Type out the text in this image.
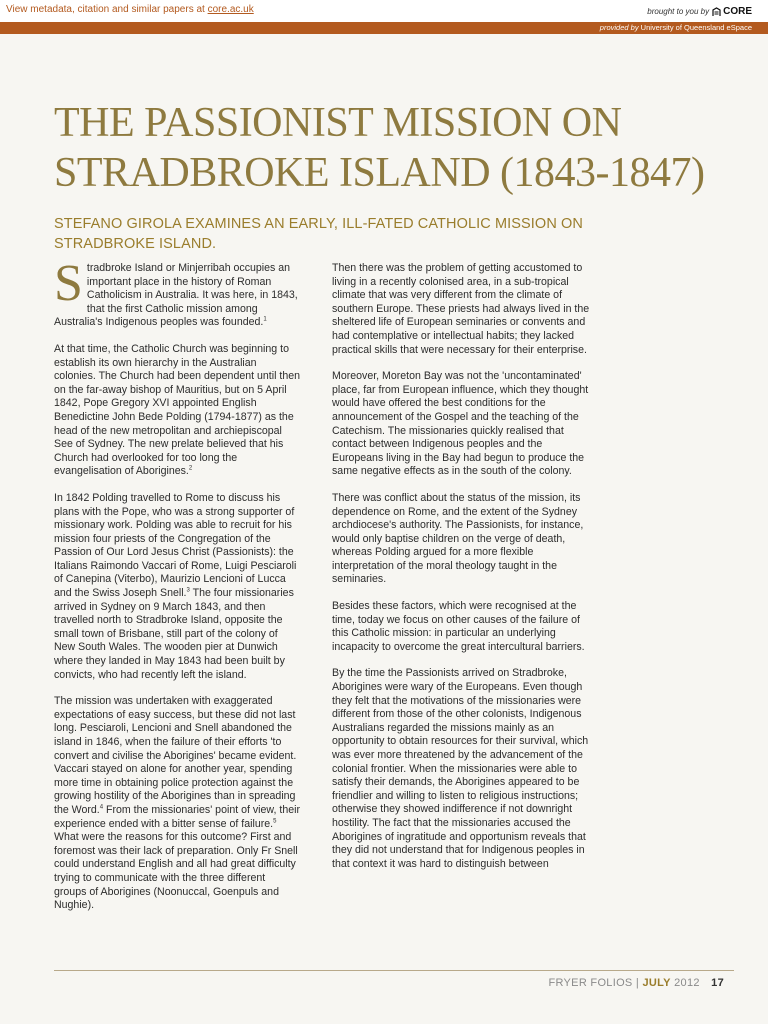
View metadata, citation and similar papers at core.ac.uk	brought to you by CORE
provided by University of Queensland eSpace
THE PASSIONIST MISSION ON STRADBROKE ISLAND (1843-1847)
STEFANO GIROLA EXAMINES AN EARLY, ILL-FATED CATHOLIC MISSION ON STRADBROKE ISLAND.

Stradbroke Island or Minjerribah occupies an important place in the history of Roman Catholicism in Australia. It was here, in 1843, that the first Catholic mission among Australia's Indigenous peoples was founded.$^1$

At that time, the Catholic Church was beginning to establish its own hierarchy in the Australian colonies. The Church had been dependent until then on the far-away bishop of Mauritius, but on 5 April 1842, Pope Gregory XVI appointed English Benedictine John Bede Polding (1794-1877) as the head of the new metropolitan and archiepiscopal See of Sydney. The new prelate believed that his Church had overlooked for too long the evangelisation of Aborigines.$^2$

In 1842 Polding travelled to Rome to discuss his plans with the Pope, who was a strong supporter of missionary work. Polding was able to recruit for his mission four priests of the Congregation of the Passion of Our Lord Jesus Christ (Passionists): the Italians Raimondo Vaccari of Rome, Luigi Pesciaroli of Canepina (Viterbo), Maurizio Lencioni of Lucca and the Swiss Joseph Snell.$^3$ The four missionaries arrived in Sydney on 9 March 1843, and then travelled north to Stradbroke Island, opposite the small town of Brisbane, still part of the colony of New South Wales. The wooden pier at Dunwich where they landed in May 1843 had been built by convicts, who had recently left the island.

The mission was undertaken with exaggerated expectations of easy success, but these did not last long. Pesciaroli, Lencioni and Snell abandoned the island in 1846, when the failure of their efforts 'to convert and civilise the Aborigines' became evident. Vaccari stayed on alone for another year, spending more time in obtaining police protection against the growing hostility of the Aborigines than in spreading the Word.$^4$ From the missionaries' point of view, their experience ended with a bitter sense of failure.$^5$ What were the reasons for this outcome? First and foremost was their lack of preparation. Only Fr Snell could understand English and all had great difficulty trying to communicate with the three different groups of Aborigines (Noonuccal, Goenpuls and Nughie).

Then there was the problem of getting accustomed to living in a recently colonised area, in a sub-tropical climate that was very different from the climate of southern Europe. These priests had always lived in the sheltered life of European seminaries or convents and had contemplative or intellectual habits; they lacked practical skills that were necessary for their enterprise.

Moreover, Moreton Bay was not the 'uncontaminated' place, far from European influence, which they thought would have offered the best conditions for the announcement of the Gospel and the teaching of the Catechism. The missionaries quickly realised that contact between Indigenous peoples and the Europeans living in the Bay had begun to produce the same negative effects as in the south of the colony.

There was conflict about the status of the mission, its dependence on Rome, and the extent of the Sydney archdiocese's authority. The Passionists, for instance, would only baptise children on the verge of death, whereas Polding argued for a more flexible interpretation of the moral theology taught in the seminaries.

Besides these factors, which were recognised at the time, today we focus on other causes of the failure of this Catholic mission: in particular an underlying incapacity to overcome the great intercultural barriers.

By the time the Passionists arrived on Stradbroke, Aborigines were wary of the Europeans. Even though they felt that the motivations of the missionaries were different from those of the other colonists, Indigenous Australians regarded the missions mainly as an opportunity to obtain resources for their survival, which was ever more threatened by the advancement of the colonial frontier. When the missionaries were able to satisfy their demands, the Aborigines appeared to be friendlier and willing to listen to religious instructions; otherwise they showed indifference if not downright hostility. The fact that the missionaries accused the Aborigines of ingratitude and opportunism reveals that they did not understand that for Indigenous peoples in that context it was hard to distinguish between

FRYER FOLIOS | JULY 2012 17
